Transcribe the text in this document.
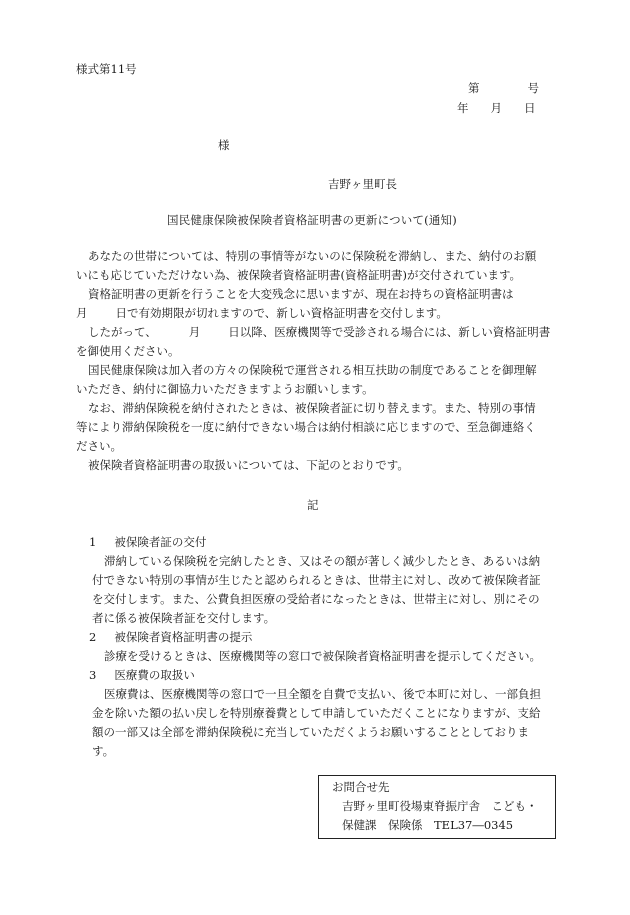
様式第11号
第	号
年 月 日
様
吉野ヶ里町長
国民健康保険被保険者資格証明書の更新について(通知)
あなたの世帯については、特別の事情等がないのに保険税を滞納し、また、納付のお願
いにも応じていただけない為、被保険者資格証明書(資格証明書)が交付されています。
資格証明書の更新を行うことを大変残念に思いますが、現在お持ちの資格証明書は
月 日で有効期限が切れますので、新しい資格証明書を交付します。
したがって、	月 日以降、医療機関等で受診される場合には、新しい資格証明書
を御使用ください。
国民健康保険は加入者の方々の保険税で運営される相互扶助の制度であることを御理解
いただき、納付に御協力いただきますようお願いします。
なお、滞納保険税を納付されたときは、被保険者証に切り替えます。また、特別の事情
等により滞納保険税を一度に納付できない場合は納付相談に応じますので、至急御連絡く
ださい。
被保険者資格証明書の取扱いについては、下記のとおりです。
記
1 被保険者証の交付
滞納している保険税を完納したとき、又はその額が著しく減少したとき、あるいは納
付できない特別の事情が生じたと認められるときは、世帯主に対し、改めて被保険者証
を交付します。また、公費負担医療の受給者になったときは、世帯主に対し、別にその
者に係る被保険者証を交付します。
2 被保険者資格証明書の提示
診療を受けるときは、医療機関等の窓口で被保険者資格証明書を提示してください。
3 医療費の取扱い
医療費は、医療機関等の窓口で一旦全額を自費で支払い、後で本町に対し、一部負担
金を除いた額の払い戻しを特別療養費として申請していただくことになりますが、支給
額の一部又は全部を滞納保険税に充当していただくようお願いすることとしておりま
す。
お問合せ先
吉野ヶ里町役場東脊振庁舎　こども・
保健課　保険係　TEL37―0345
